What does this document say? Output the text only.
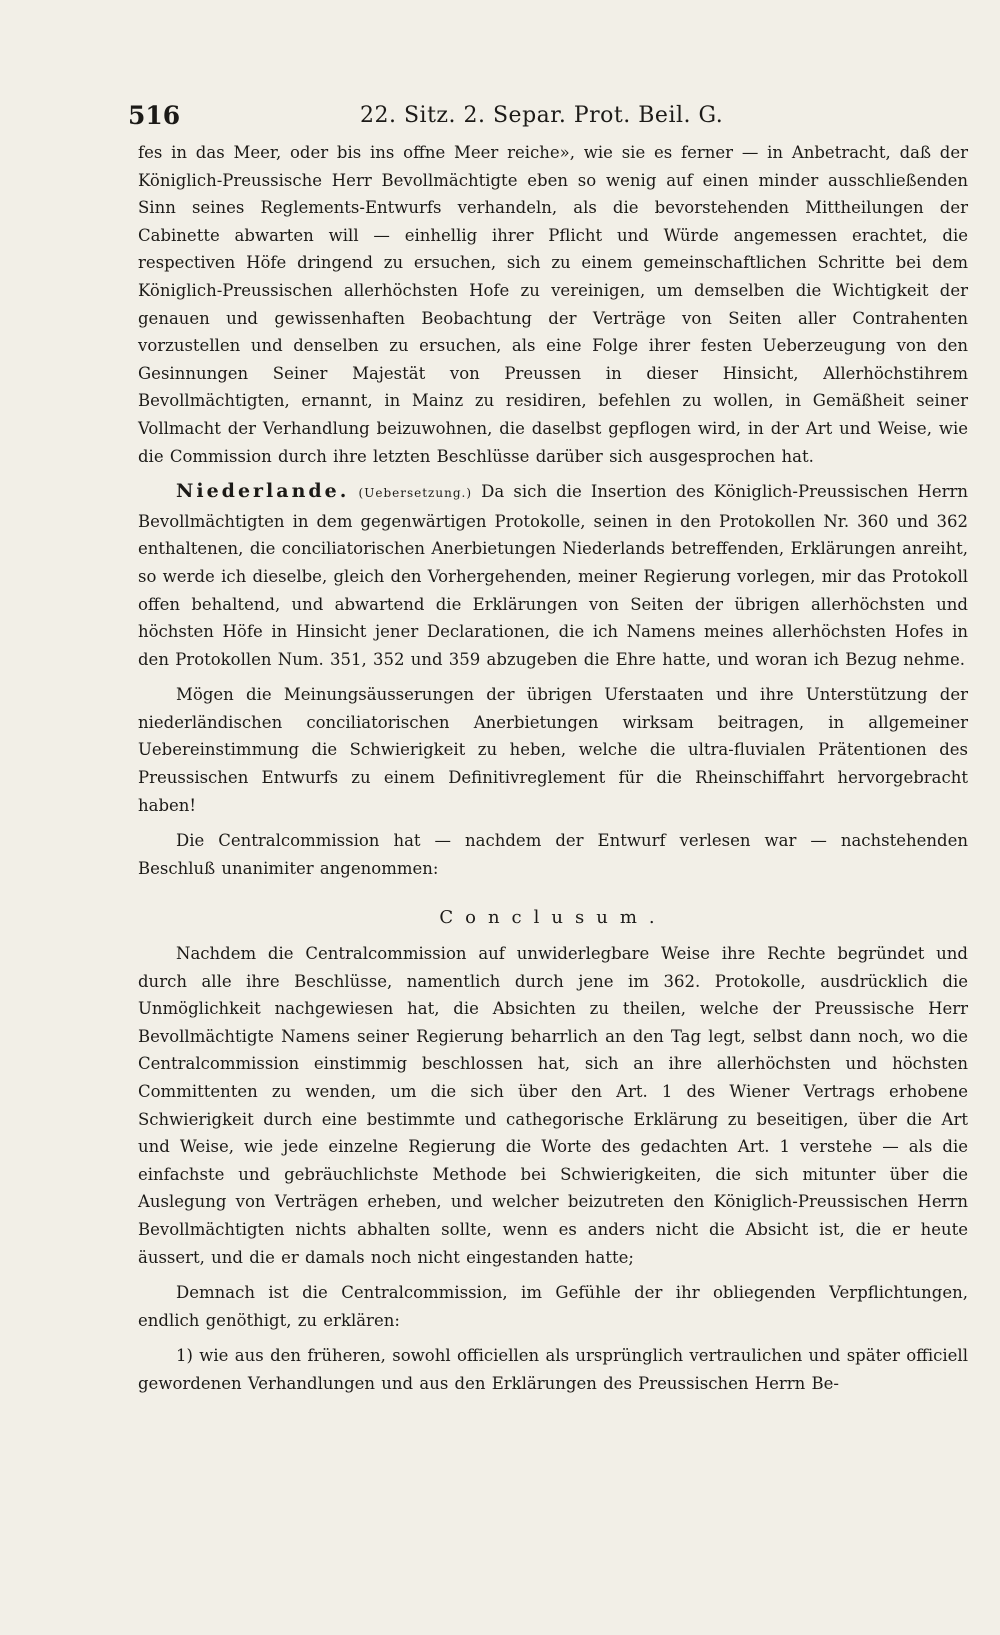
516	22. Sitz. 2. Separ. Prot. Beil. G.

fes in das Meer, oder bis ins offne Meer reiche», wie sie es ferner — in Anbetracht, daß der Königlich-Preussische Herr Bevollmächtigte eben so wenig auf einen minder ausschließenden Sinn seines Reglements-Entwurfs verhandeln, als die bevorstehenden Mittheilungen der Cabinette abwarten will — einhellig ihrer Pflicht und Würde angemessen erachtet, die respectiven Höfe dringend zu ersuchen, sich zu einem gemeinschaftlichen Schritte bei dem Königlich-Preussischen allerhöchsten Hofe zu vereinigen, um demselben die Wichtigkeit der genauen und gewissenhaften Beobachtung der Verträge von Seiten aller Contrahenten vorzustellen und denselben zu ersuchen, als eine Folge ihrer festen Ueberzeugung von den Gesinnungen Seiner Majestät von Preussen in dieser Hinsicht, Allerhöchstihrem Bevollmächtigten, ernannt, in Mainz zu residiren, befehlen zu wollen, in Gemäßheit seiner Vollmacht der Verhandlung beizuwohnen, die daselbst gepflogen wird, in der Art und Weise, wie die Commission durch ihre letzten Beschlüsse darüber sich ausgesprochen hat.

Niederlande. (Uebersetzung.) Da sich die Insertion des Königlich-Preussischen Herrn Bevollmächtigten in dem gegenwärtigen Protokolle, seinen in den Protokollen Nr. 360 und 362 enthaltenen, die conciliatorischen Anerbietungen Niederlands betreffenden, Erklärungen anreiht, so werde ich dieselbe, gleich den Vorhergehenden, meiner Regierung vorlegen, mir das Protokoll offen behaltend, und abwartend die Erklärungen von Seiten der übrigen allerhöchsten und höchsten Höfe in Hinsicht jener Declarationen, die ich Namens meines allerhöchsten Hofes in den Protokollen Num. 351, 352 und 359 abzugeben die Ehre hatte, und woran ich Bezug nehme.

Mögen die Meinungsäusserungen der übrigen Uferstaaten und ihre Unterstützung der niederländischen conciliatorischen Anerbietungen wirksam beitragen, in allgemeiner Uebereinstimmung die Schwierigkeit zu heben, welche die ultra-fluvialen Prätentionen des Preussischen Entwurfs zu einem Definitivreglement für die Rheinschiffahrt hervorgebracht haben!

Die Centralcommission hat — nachdem der Entwurf verlesen war — nachstehenden Beschluß unanimiter angenommen:

Conclusum.

Nachdem die Centralcommission auf unwiderlegbare Weise ihre Rechte begründet und durch alle ihre Beschlüsse, namentlich durch jene im 362. Protokolle, ausdrücklich die Unmöglichkeit nachgewiesen hat, die Absichten zu theilen, welche der Preussische Herr Bevollmächtigte Namens seiner Regierung beharrlich an den Tag legt, selbst dann noch, wo die Centralcommission einstimmig beschlossen hat, sich an ihre allerhöchsten und höchsten Committenten zu wenden, um die sich über den Art. 1 des Wiener Vertrags erhobene Schwierigkeit durch eine bestimmte und cathegorische Erklärung zu beseitigen, über die Art und Weise, wie jede einzelne Regierung die Worte des gedachten Art. 1 verstehe — als die einfachste und gebräuchlichste Methode bei Schwierigkeiten, die sich mitunter über die Auslegung von Verträgen erheben, und welcher beizutreten den Königlich-Preussischen Herrn Bevollmächtigten nichts abhalten sollte, wenn es anders nicht die Absicht ist, die er heute äussert, und die er damals noch nicht eingestanden hatte;

Demnach ist die Centralcommission, im Gefühle der ihr obliegenden Verpflichtungen, endlich genöthigt, zu erklären:

1) wie aus den früheren, sowohl officiellen als ursprünglich vertraulichen und später officiell gewordenen Verhandlungen und aus den Erklärungen des Preussischen Herrn Be-
